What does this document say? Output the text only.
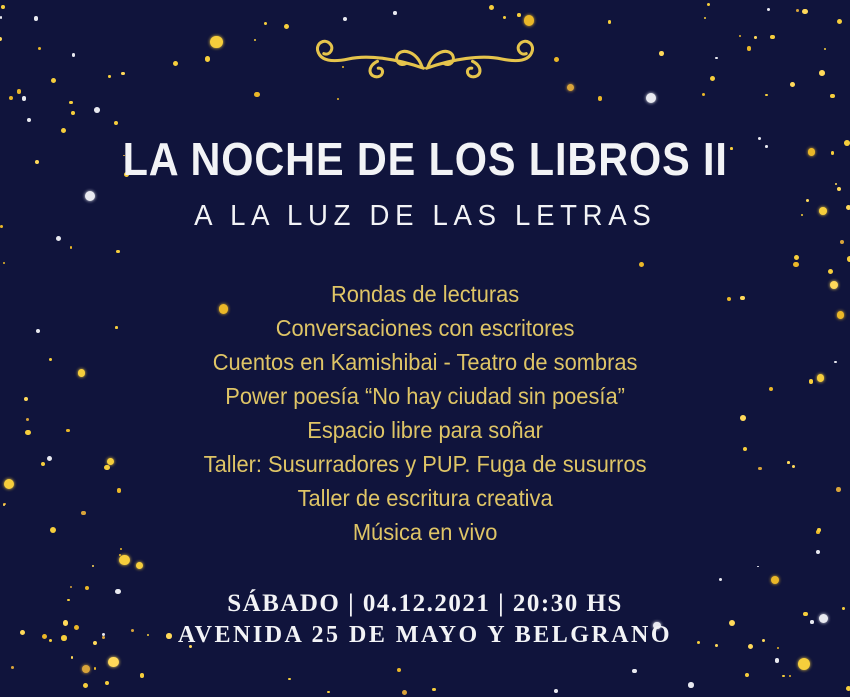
LA NOCHE DE LOS LIBROS II
A LA LUZ DE LAS LETRAS
Rondas de lecturas
Conversaciones con escritores
Cuentos en Kamishibai - Teatro de sombras
Power poesía “No hay ciudad sin poesía”
Espacio libre para soñar
Taller: Susurradores y PUP. Fuga de susurros
Taller de escritura creativa
Música en vivo
SÁBADO | 04.12.2021 | 20:30 HS
AVENIDA 25 DE MAYO Y BELGRANO
